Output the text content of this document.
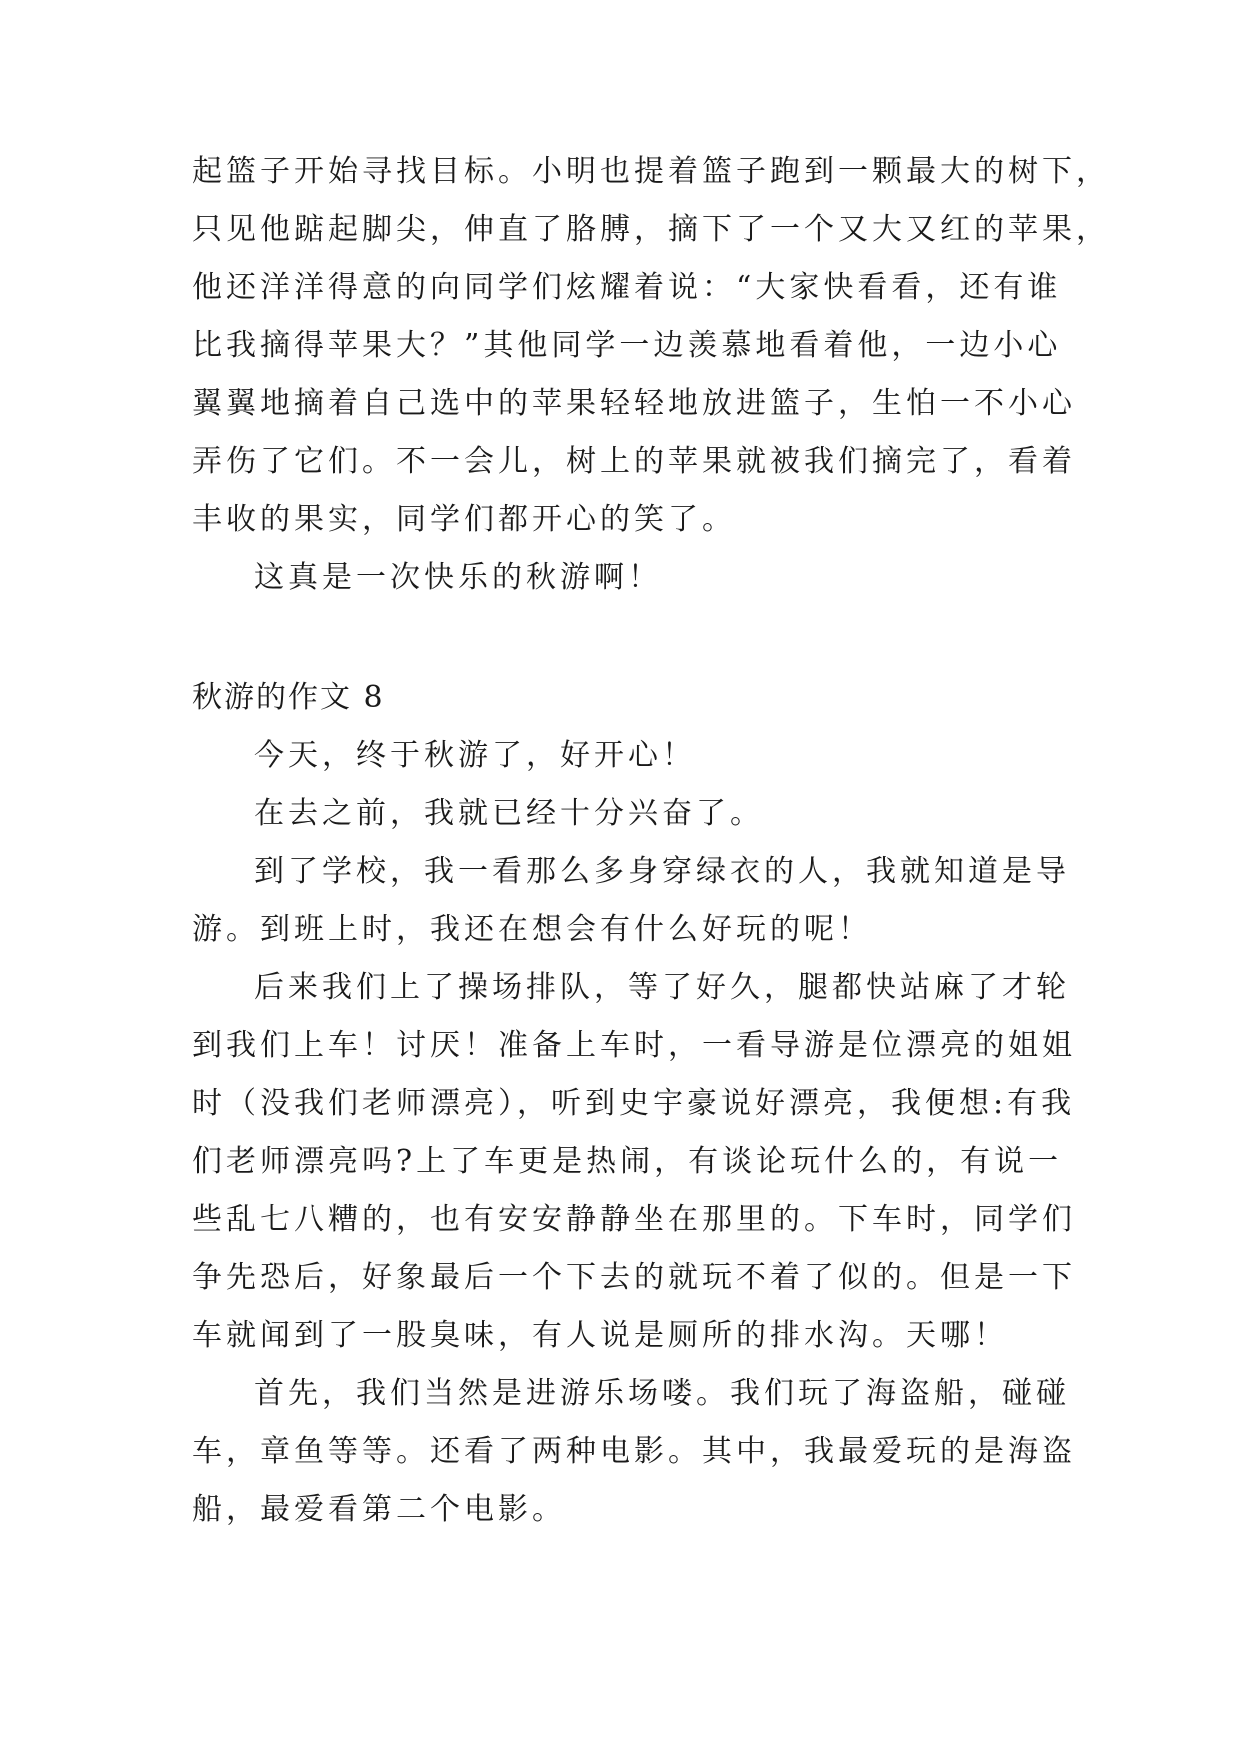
起篮子开始寻找目标。小明也提着篮子跑到一颗最大的树下，
只见他踮起脚尖，伸直了胳膊，摘下了一个又大又红的苹果，
他还洋洋得意的向同学们炫耀着说：“大家快看看，还有谁
比我摘得苹果大？”其他同学一边羡慕地看着他，一边小心
翼翼地摘着自己选中的苹果轻轻地放进篮子，生怕一不小心
弄伤了它们。不一会儿，树上的苹果就被我们摘完了，看着
丰收的果实，同学们都开心的笑了。
这真是一次快乐的秋游啊！
秋游的作文 8
今天，终于秋游了，好开心！
在去之前，我就已经十分兴奋了。
到了学校，我一看那么多身穿绿衣的人，我就知道是导
游。到班上时，我还在想会有什么好玩的呢！
后来我们上了操场排队，等了好久，腿都快站麻了才轮
到我们上车！讨厌！准备上车时，一看导游是位漂亮的姐姐
时（没我们老师漂亮），听到史宇豪说好漂亮，我便想:有我
们老师漂亮吗?上了车更是热闹，有谈论玩什么的，有说一
些乱七八糟的，也有安安静静坐在那里的。下车时，同学们
争先恐后，好象最后一个下去的就玩不着了似的。但是一下
车就闻到了一股臭味，有人说是厕所的排水沟。天哪！
首先，我们当然是进游乐场喽。我们玩了海盗船，碰碰
车，章鱼等等。还看了两种电影。其中，我最爱玩的是海盗
船，最爱看第二个电影。
